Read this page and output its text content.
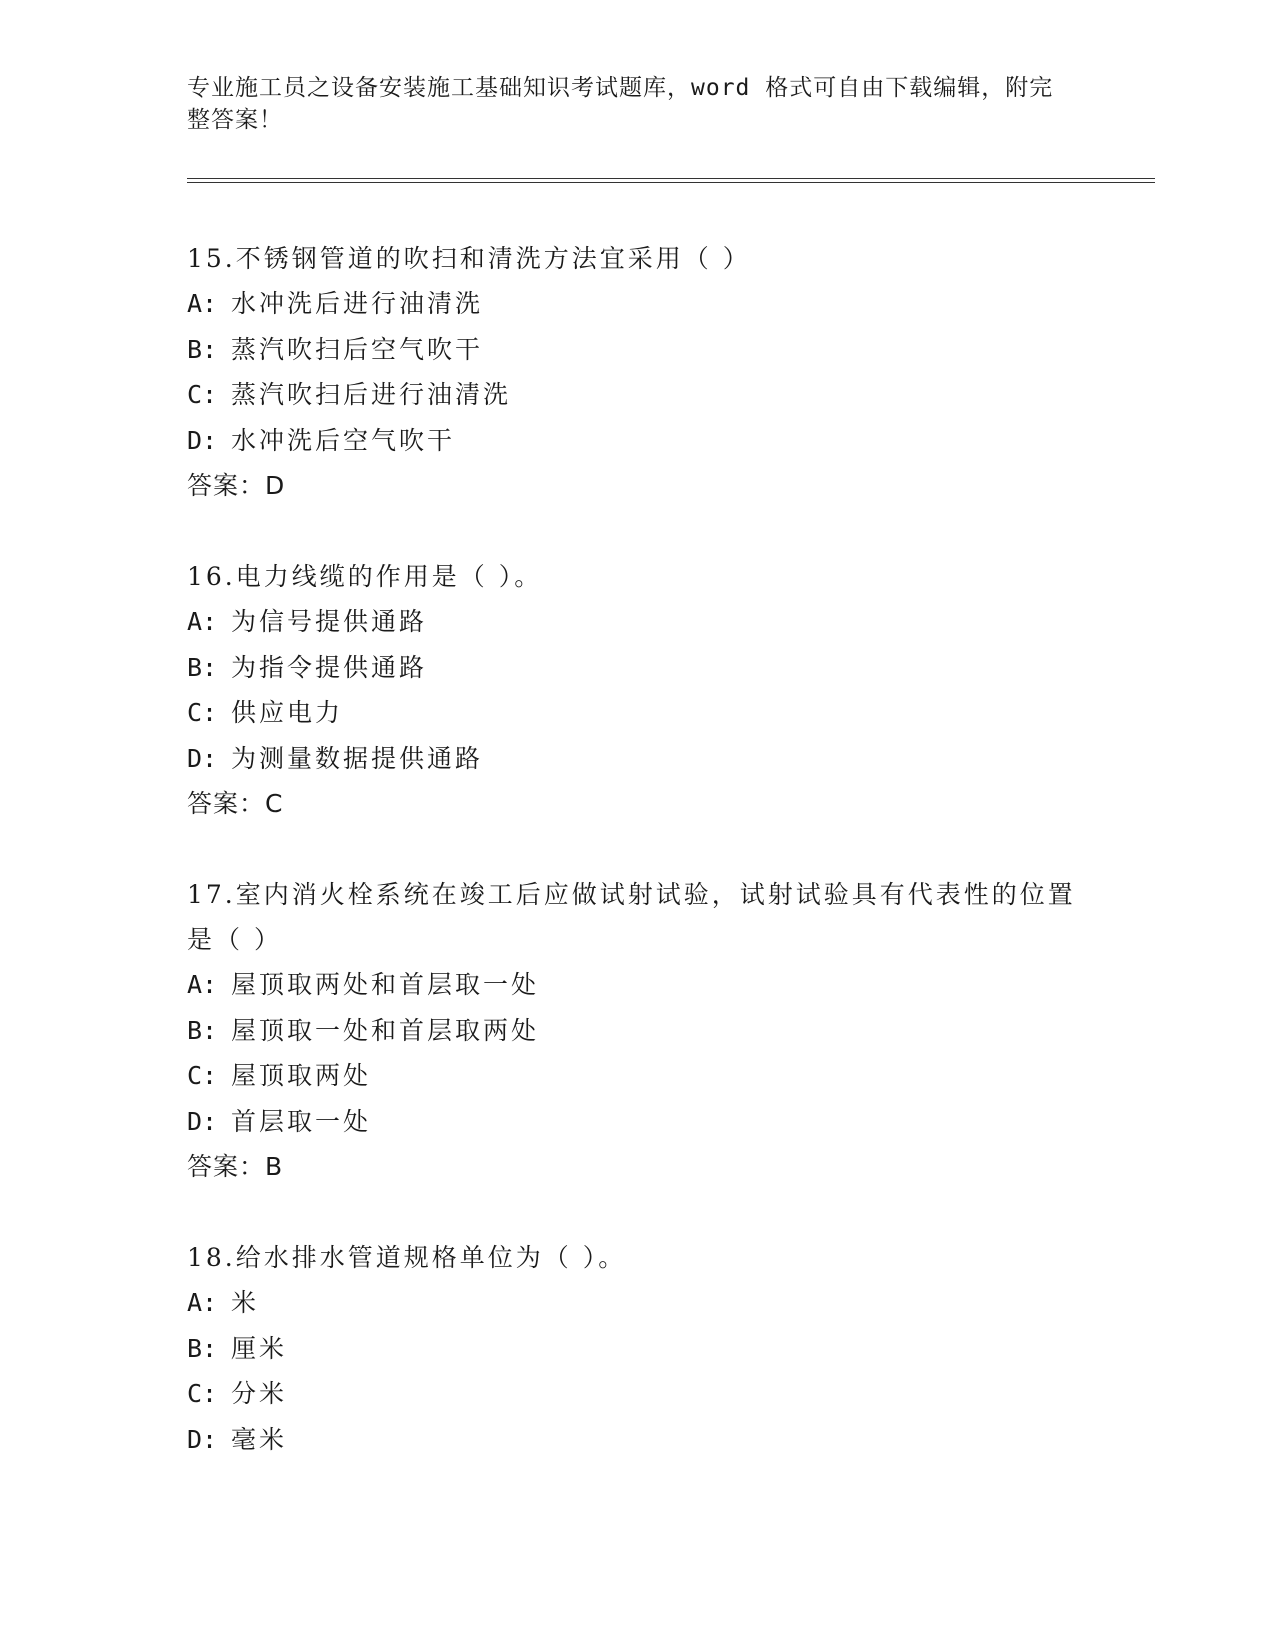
专业施工员之设备安装施工基础知识考试题库，word 格式可自由下载编辑，附完
整答案！
15.不锈钢管道的吹扫和清洗方法宜采用（ ）
A: 水冲洗后进行油清洗
B: 蒸汽吹扫后空气吹干
C: 蒸汽吹扫后进行油清洗
D: 水冲洗后空气吹干
答案：D
16.电力线缆的作用是（ ）。
A: 为信号提供通路
B: 为指令提供通路
C: 供应电力
D: 为测量数据提供通路
答案：C
17.室内消火栓系统在竣工后应做试射试验，试射试验具有代表性的位置是（ ）
A: 屋顶取两处和首层取一处
B: 屋顶取一处和首层取两处
C: 屋顶取两处
D: 首层取一处
答案：B
18.给水排水管道规格单位为（ ）。
A: 米
B: 厘米
C: 分米
D: 毫米
